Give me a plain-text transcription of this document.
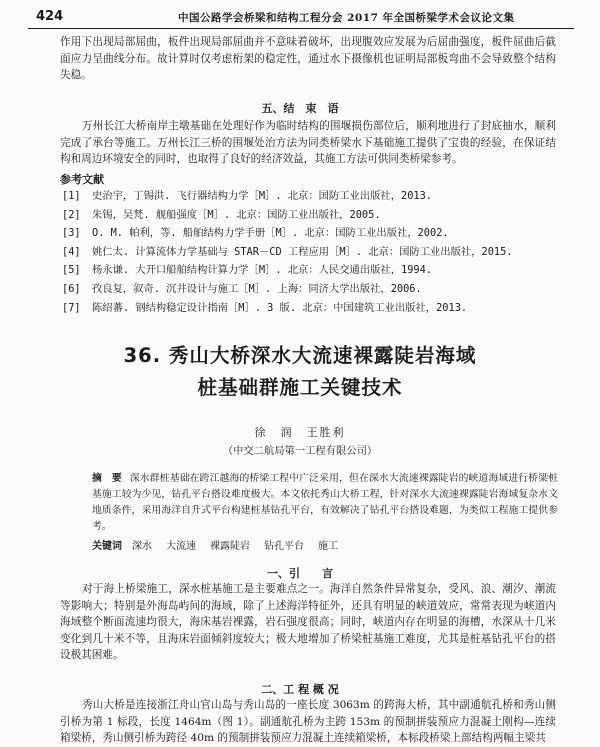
424	中国公路学会桥梁和结构工程分会 2017 年全国桥梁学术会议论文集
作用下出现局部屈曲，板件出现局部屈曲并不意味着破坏，出现腹效应发展为后屈曲强度，板件屈曲后截面应力呈曲线分布。故计算时仅考虑桁架的稳定性，通过水下摄像机也证明局部板弯曲不会导致整个结构失稳。
五、结　束　语
万州长江大桥南岸主墩基础在处理好作为临时结构的围堰损伤部位后，顺利地进行了封底抽水，顺利完成了承台等施工。万州长江三桥的围堰处治方法为同类桥梁水下基础施工提供了宝贵的经验，在保证结构和周边环境安全的同时，也取得了良好的经济效益，其施工方法可供同类桥梁参考。
参考文献
[1] 史治宇，丁锡洪. 飞行器结构力学［M］. 北京：国防工业出版社，2013.
[2] 朱锡，吴梵. 舰船强度［M］. 北京：国防工业出版社，2005.
[3] O. M. 帕利，等. 船舶结构力学手册［M］. 北京：国防工业出版社，2002.
[4] 姚仁太. 计算流体力学基础与 STAR－CD 工程应用［M］. 北京：国防工业出版社，2015.
[5] 杨永谦. 大开口船舶结构计算力学［M］. 北京：人民交通出版社，1994.
[6] 孜良复，叙奇. 沉井设计与施工［M］. 上海：同济大学出版社，2006.
[7] 陈绍蕃. 钢结构稳定设计指南［M］. 3 版. 北京：中国建筑工业出版社，2013.
36. 秀山大桥深水大流速裸露陡岩海域
桩基础群施工关键技术
徐　润　王胜利
（中交二航局第一工程有限公司）
摘　要 深水群桩基础在跨江越海的桥梁工程中广泛采用，但在深水大流速裸露陡岩的峡道海域进行桥梁桩基施工较为少见，钻孔平台搭设难度极大。本文依托秀山大桥工程，针对深水大流速裸露陡岩海域复杂水文地质条件，采用海洋自升式平台构建桩基钻孔平台，有效解决了钻孔平台搭设难题，为类似工程施工提供参考。
关键词 深水 大流速 裸露陡岩 钻孔平台 施工
一、引　　言
对于海上桥梁施工，深水桩基施工是主要难点之一。海洋自然条件异常复杂，受风、浪、潮汐、潮流等影响大；特别是外海岛屿间的海域，除了上述海洋特征外，还具有明显的峡道效应，常常表现为峡道内海域整个断面流速均很大，海床基岩裸露，岩石强度很高；同时，峡道内存在明显的海槽，水深从十几米变化到几十米不等，且海床岩面倾斜度较大；极大地增加了桥梁桩基施工难度，尤其是桩基钻孔平台的搭设极其困难。
二、工 程 概 况
秀山大桥是连接浙江舟山官山岛与秀山岛的一座长度 3063m 的跨海大桥，其中副通航孔桥和秀山侧引桥为第 1 标段，长度 1464m（图 1）。副通航孔桥为主跨 153m 的预制拼装预应力混凝土刚构—连续箱梁桥，秀山侧引桥为跨径 40m 的预制拼装预应力混凝土连续箱梁桥，本标段桥梁上部结构两幅主梁共
